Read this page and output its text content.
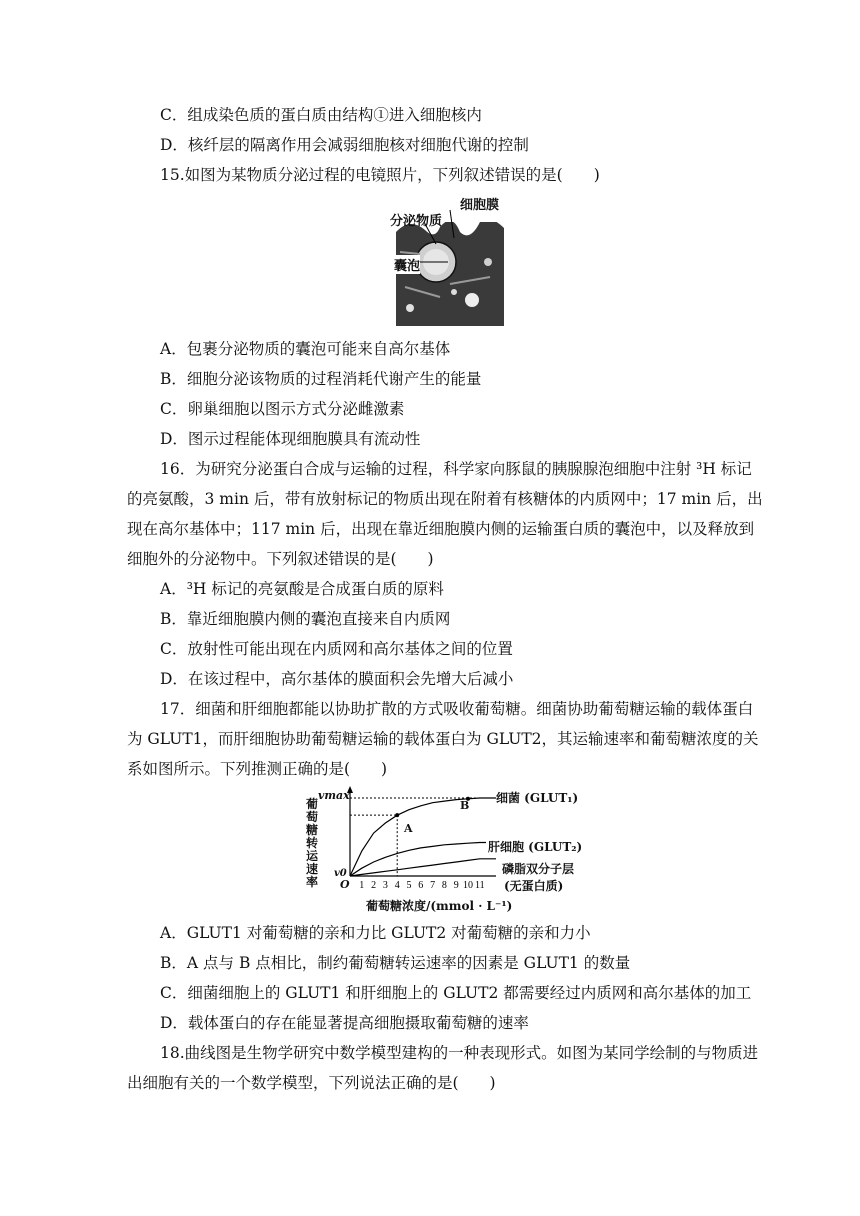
C．组成染色质的蛋白质由结构①进入细胞核内
D．核纤层的隔离作用会减弱细胞核对细胞代谢的控制
15.如图为某物质分泌过程的电镜照片，下列叙述错误的是(　　)
细胞膜
分泌物质
囊泡
A．包裹分泌物质的囊泡可能来自高尔基体
B．细胞分泌该物质的过程消耗代谢产生的能量
C．卵巢细胞以图示方式分泌雌激素
D．图示过程能体现细胞膜具有流动性
16．为研究分泌蛋白合成与运输的过程，科学家向豚鼠的胰腺腺泡细胞中注射 ³H 标记
的亮氨酸，3 min 后，带有放射标记的物质出现在附着有核糖体的内质网中；17 min 后，出
现在高尔基体中；117 min 后，出现在靠近细胞膜内侧的运输蛋白质的囊泡中，以及释放到
细胞外的分泌物中。下列叙述错误的是(　　)
A．³H 标记的亮氨酸是合成蛋白质的原料
B．靠近细胞膜内侧的囊泡直接来自内质网
C．放射性可能出现在内质网和高尔基体之间的位置
D．在该过程中，高尔基体的膜面积会先增大后减小
17．细菌和肝细胞都能以协助扩散的方式吸收葡萄糖。细菌协助葡萄糖运输的载体蛋白
为 GLUT1，而肝细胞协助葡萄糖运输的载体蛋白为 GLUT2，其运输速率和葡萄糖浓度的关
系如图所示。下列推测正确的是(　　)
1 2 3 4 5 6 7 8 9 10 11
vmax
v0
O
葡萄糖浓度/(mmol · L⁻¹)
葡萄糖转运速率
A
B
细菌 (GLUT₁)
肝细胞 (GLUT₂)
磷脂双分子层
(无蛋白质)
A．GLUT1 对葡萄糖的亲和力比 GLUT2 对葡萄糖的亲和力小
B．A 点与 B 点相比，制约葡萄糖转运速率的因素是 GLUT1 的数量
C．细菌细胞上的 GLUT1 和肝细胞上的 GLUT2 都需要经过内质网和高尔基体的加工
D．载体蛋白的存在能显著提高细胞摄取葡萄糖的速率
18.曲线图是生物学研究中数学模型建构的一种表现形式。如图为某同学绘制的与物质进
出细胞有关的一个数学模型，下列说法正确的是(　　)
